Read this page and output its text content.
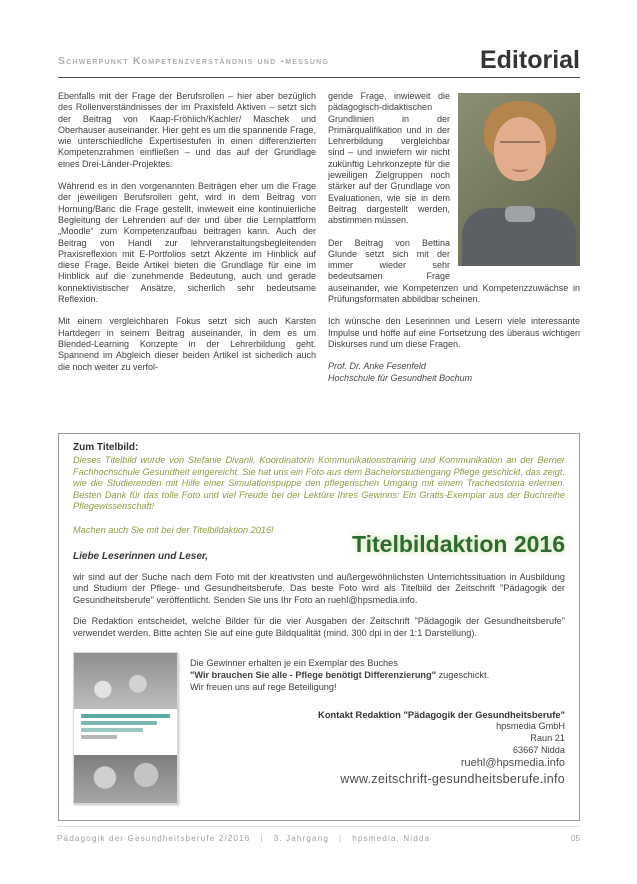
Schwerpunkt Kompetenzverständnis und -messung	Editorial

Ebenfalls mit der Frage der Berufsrollen – hier aber bezüglich des Rollenverständnisses der im Praxisfeld Aktiven – setzt sich der Beitrag von Kaap-Fröhlich/Kachler/ Maschek und Oberhauser auseinander. Hier geht es um die spannende Frage, wie unterschiedliche Expertisestufen in einen differenzierten Kompetenzrahmen einfließen – und das auf der Grundlage eines Drei-Länder-Projektes.

Während es in den vorgenannten Beiträgen eher um die Frage der jeweiligen Berufsrollen geht, wird in dem Beitrag von Hornung/Baric die Frage gestellt, inwieweit eine kontinuierliche Begleitung der Lehrenden auf der und über die Lernplattform „Moodle“ zum Kompetenzaufbau beitragen kann. Auch der Beitrag von Handl zur lehrveranstaltungsbegleitenden Praxisreflexion mit E-Portfolios setzt Akzente im Hinblick auf diese Frage. Beide Artikel bieten die Grundlage für eine im Hinblick auf die zunehmende Bedeutung, auch und gerade konnektivistischer Ansätze, sicherlich sehr bedeutsame Reflexion.

Mit einem vergleichbaren Fokus setzt sich auch Karsten Hartdegen in seinem Beitrag auseinander, in dem es um Blended-Learning Konzepte in der Lehrerbildung geht. Spannend im Abgleich dieser beiden Artikel ist sicherlich auch die noch weiter zu verfol-

gende Frage, inwieweit die pädagogisch-didaktischen Grundlinien in der Primärqualifikation und in der Lehrerbildung vergleichbar sind – und inwiefern wir nicht zukünftig Lehrkonzepte für die jeweiligen Zielgruppen noch stärker auf der Grundlage von Evaluationen, wie sie in dem Beitrag dargestellt werden, abstimmen müssen.

Der Beitrag von Bettina Glunde setzt sich mit der immer wieder sehr bedeutsamen Frage auseinander, wie Kompetenzen und Kompetenzzuwächse in Prüfungsformaten abbildbar scheinen.

Ich wünsche den Leserinnen und Lesern viele interessante Impulse und hoffe auf eine Fortsetzung des überaus wichtigen Diskurses rund um diese Fragen.

Prof. Dr. Anke Fesenfeld
Hochschule für Gesundheit Bochum

Zum Titelbild:

Dieses Titelbild wurde von Stefanie Divanli, Koordinatorin Kommunikationstraining und Kommunikation an der Berner Fachhochschule Gesundheit eingereicht. Sie hat uns ein Foto aus dem Bachelorstudiengang Pflege geschickt, das zeigt, wie die Studierenden mit Hilfe einer Simulationspuppe den pflegerischen Umgang mit einem Tracheostoma erlernen. Besten Dank für das tolle Foto und viel Freude bei der Lektüre Ihres Gewinns: Ein Gratis-Exemplar aus der Buchreihe Pflegewissenschaft!

Machen auch Sie mit bei der Titelbildaktion 2016!

Liebe Leserinnen und Leser,	Titelbildaktion 2016

wir sind auf der Suche nach dem Foto mit der kreativsten und außergewöhnlichsten Unterrichtssituation in Ausbildung und Studium der Pflege- und Gesundheitsberufe. Das beste Foto wird als Titelbild der Zeitschrift "Pädagogik der Gesundheitsberufe" veröffentlicht. Senden Sie uns Ihr Foto an ruehl@hpsmedia.info.

Die Redaktion entscheidet, welche Bilder für die vier Ausgaben der Zeitschrift "Pädagogik der Gesundheitsberufe" verwendet werden. Bitte achten Sie auf eine gute Bildqualität (mind. 300 dpi in der 1:1 Darstellung).

Die Gewinner erhalten je ein Exemplar des Buches
"Wir brauchen Sie alle - Pflege benötigt Differenzierung" zugeschickt.
Wir freuen uns auf rege Beteiligung!
Kontakt Redaktion "Pädagogik der Gesundheitsberufe"
hpsmedia GmbH
Raun 21
63667 Nidda
ruehl@hpsmedia.info
www.zeitschrift-gesundheitsberufe.info
Pädagogik der Gesundheitsberufe 2/2016 | 3. Jahrgang | hpsmedia, Nidda	05
